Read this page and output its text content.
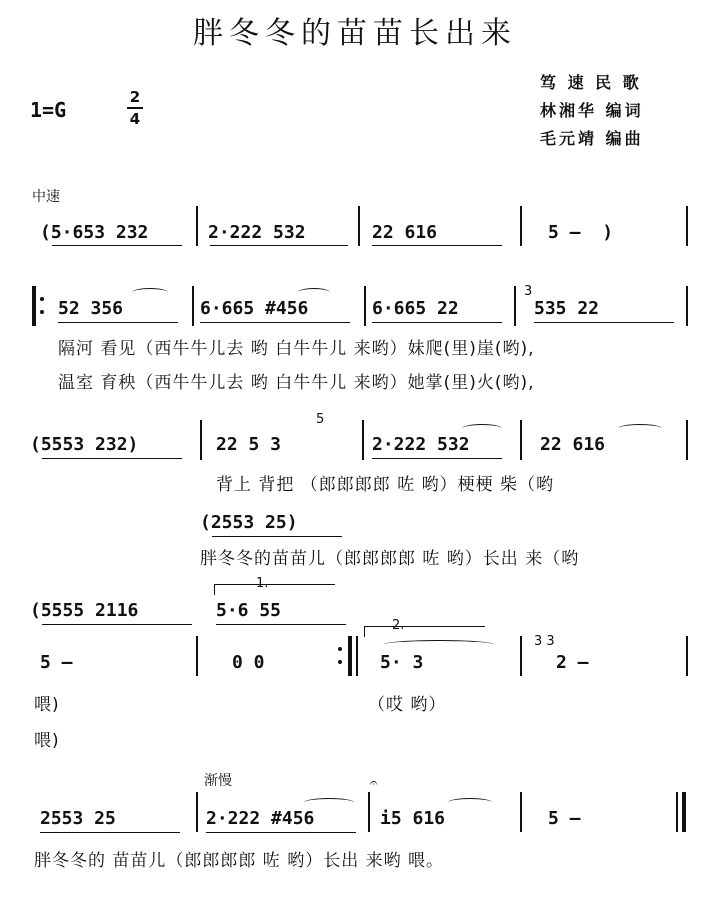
胖冬冬的苗苗长出来
1=G
2
4
笃 速 民 歌
林湘华 编词
毛元靖 编曲
中速
(5·653 232	2·222 532	22 616	5 –  )
52 356	6·665 #456	6·665 22
3
535 22
隔河 看见（西牛牛儿去 哟 白牛牛儿 来哟）妹爬(里)崖(哟),
温室 育秧（西牛牛儿去 哟 白牛牛儿 来哟）她掌(里)火(哟),
(5553 232)
5
22 5 3	2·222 532	22 616
背上 背把 （郎郎郎郎 咗 哟）梗梗 柴（哟
(2553 25)
胖冬冬的苗苗儿（郎郎郎郎 咗 哟）长出 来（哟
1.
(5555 2116	5·6 55
2.
5 –	0 0	5· 3
3 3
2 –
喂)	（哎 哟）
喂)
渐慢
2553 25	2·222 #456
𝄐
i5 616	5 –
胖冬冬的 苗苗儿（郎郎郎郎 咗 哟）长出 来哟 喂。
